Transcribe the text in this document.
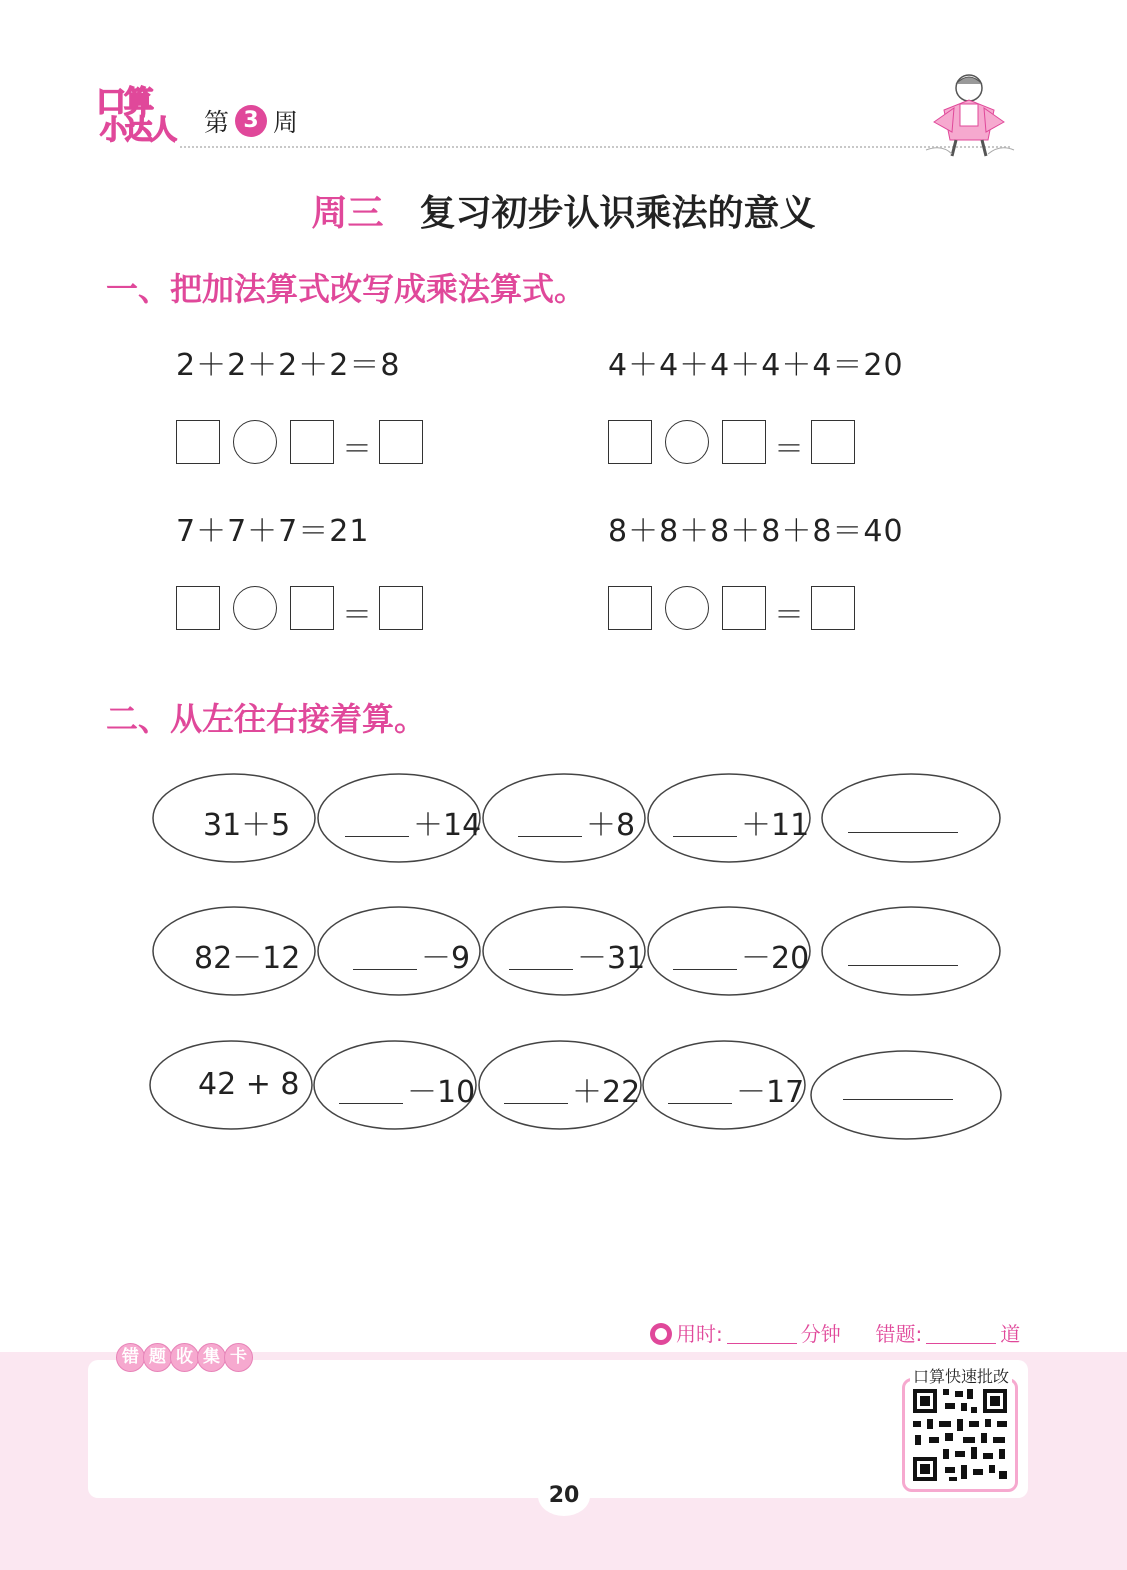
口算
小达人 第 3 周
周三 复习初步认识乘法的意义
一、把加法算式改写成乘法算式。
2＋2＋2＋2＝8	4＋4＋4＋4＋4＝20
7＋7＋7＝21	8＋8＋8＋8＋8＝40
＝	＝
＝	＝
二、从左往右接着算。
31＋5	＋14	＋8	＋11
82－12	－9	－31	－20
42 + 8	－10	＋22	－17
用时:	分钟 错题:	道
错 题 收 集 卡
口算快速批改
20
